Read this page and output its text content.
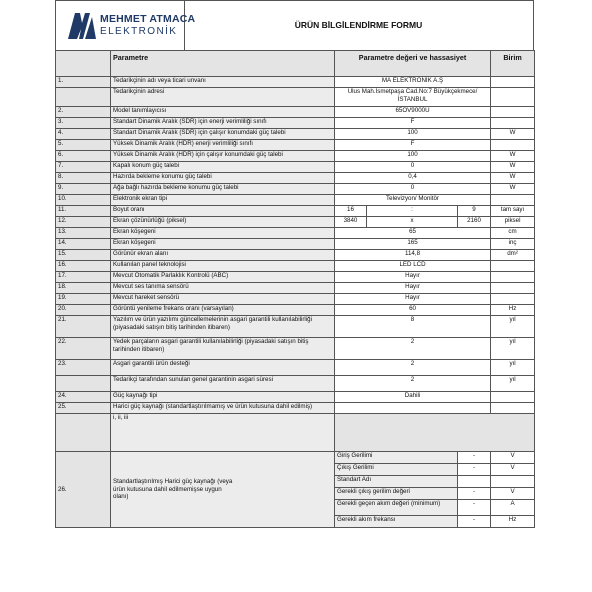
MEHMET ATMACA
ELEKTRONİK
ÜRÜN BİLGİLENDİRME FORMU
	Parametre	Parametre değeri ve hassasiyet			Birim
1.	Tedarikçinin adı veya ticari unvanı	MA ELEKTRONİK A.Ş			
	Tedarikçinin adresi	Ulus Mah.İsmetpaşa Cad.No:7 Büyükçekmece/İSTANBUL			
2.	Model tanımlayıcısı	65OV9000U			
3.	Standart Dinamik Aralık (SDR) için enerji verimliliği sınıfı	F			
4.	Standart Dinamik Aralık (SDR) için çalışır konumdaki güç talebi	100			W
5.	Yüksek Dinamik Aralık (HDR) enerji verimliliği sınıfı	F			
6.	Yüksek Dinamik Aralık (HDR) için çalışır konumdaki güç talebi	100			W
7.	Kapalı konum güç talebi	0			W
8.	Hazırda bekleme konumu güç talebi	0,4			W
9.	Ağa bağlı hazırda bekleme konumu güç talebi	0			W
10.	Elektronik ekran tipi	Televizyon/ Monitör			
11.	Boyut oranı	16	:	9	tam sayı
12.	Ekran çözünürlüğü (piksel)	3840	x	2160	piksel
13.	Ekran köşegeni	65			cm
14.	Ekran köşegeni	165			inç
15.	Görünür ekran alanı	114,8			dm²
16.	Kullanılan panel teknolojisi	LED LCD			
17.	Mevcut Otomatik Parlaklık Kontrolü (ABC)	Hayır			
18.	Mevcut ses tanıma sensörü	Hayır			
19.	Mevcut hareket sensörü	Hayır			
20.	Görüntü yenileme frekans oranı (varsayılan)	60			Hz
21.	Yazılım ve ürün yazılımı güncellemelerinin asgari garantili kullanılabilirliği (piyasadaki satışın bitiş tarihinden itibaren)	8			yıl
22.	Yedek parçaların asgari garantili kullanılabilirliği (piyasadaki satışın bitiş tarihinden itibaren)	2			yıl
23.	Asgari garantili ürün desteği	2			yıl
	Tedarikçi tarafından sunulan genel garantinin asgari süresi	2			yıl
24.	Güç kaynağı tipi	Dahili			
25.	Harici güç kaynağı (standartlaştırılmamış ve ürün kutusuna dahil edilmiş)				
	i, ii, iii				
26.	Standartlaştırılmış Harici güç kaynağı (veya ürün kutusuna dahil edilmemişse uygun olanı)	Giriş Gerilimi		-	V
		Çıkış Gerilimi		-	V
		Standart Adı			
		Gerekli çıkış gerilim değeri		-	V
		Gerekli geçen akım değeri (minimum)		-	A
		Gerekli akım frekansı		-	Hz
